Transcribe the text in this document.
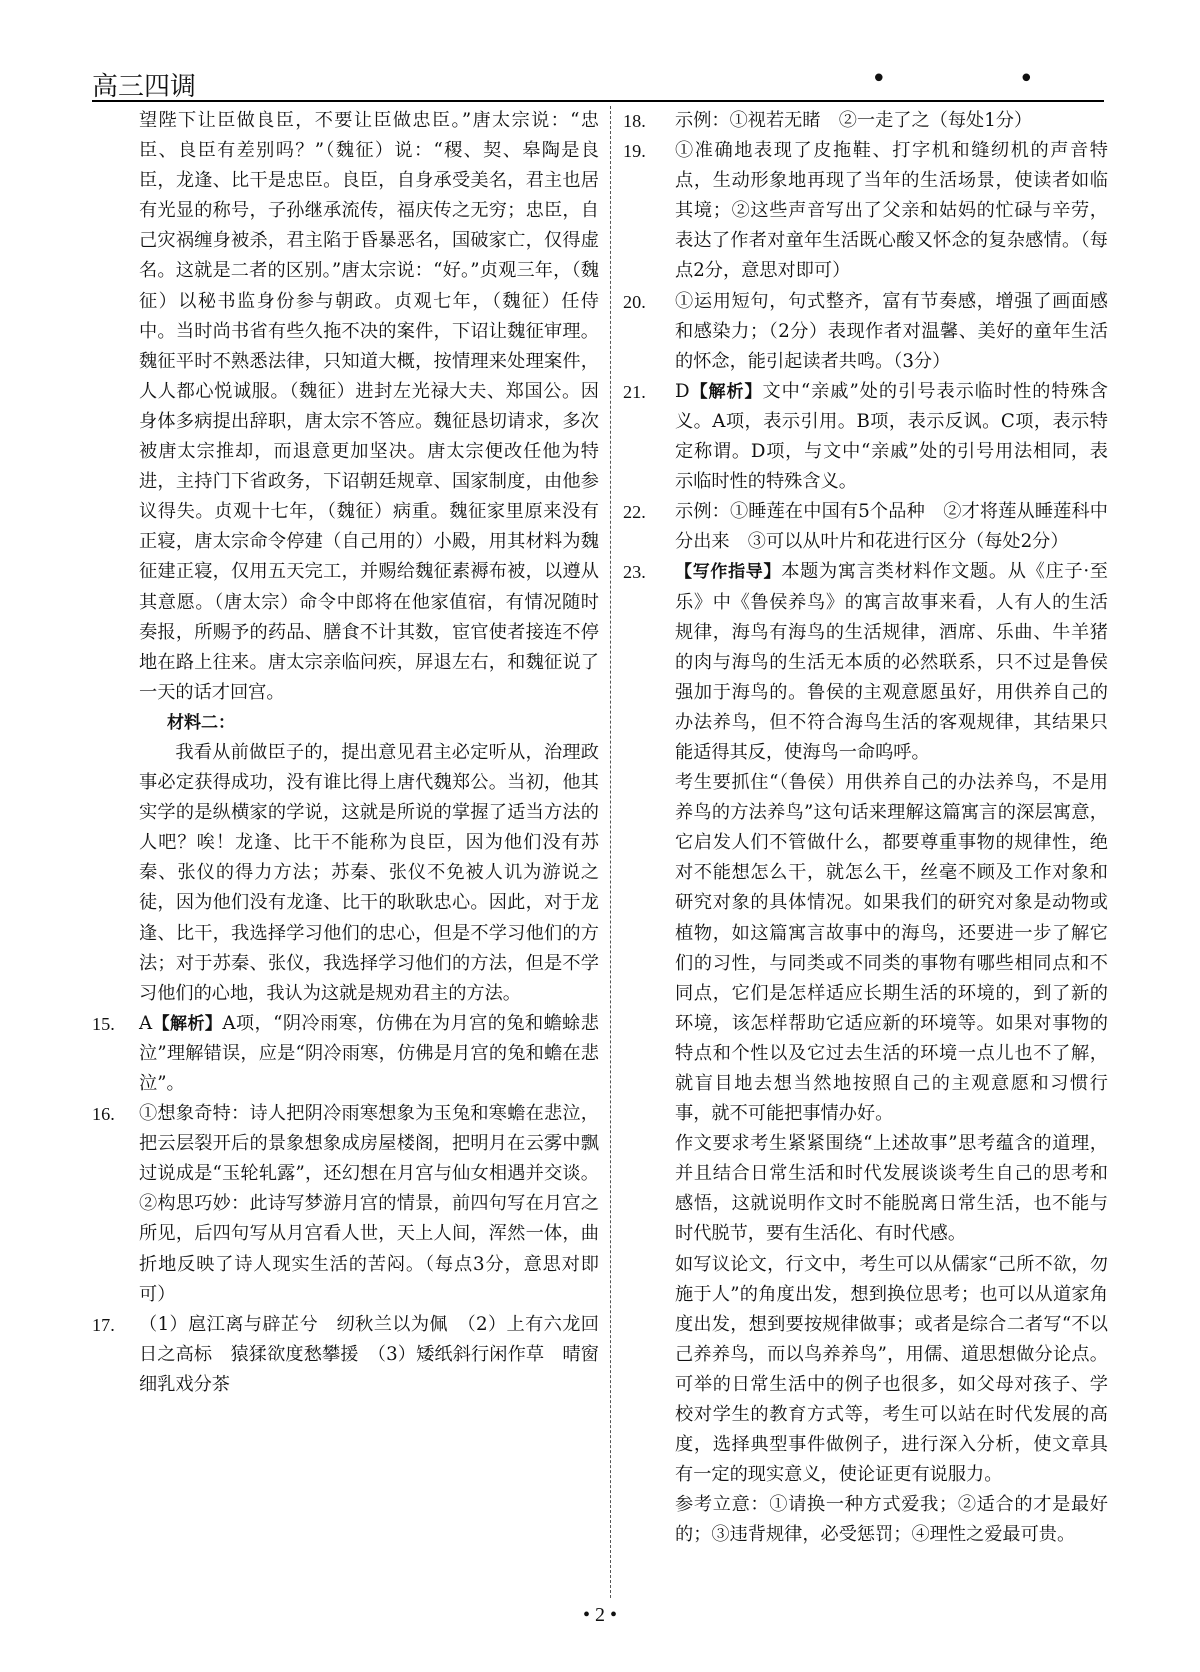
高三四调	• •

望陛下让臣做良臣，不要让臣做忠臣。”唐太宗说：“忠臣、良臣有差别吗？”（魏征）说：“稷、契、皋陶是良臣，龙逢、比干是忠臣。良臣，自身承受美名，君主也居有光显的称号，子孙继承流传，福庆传之无穷；忠臣，自己灾祸缠身被杀，君主陷于昏暴恶名，国破家亡，仅得虚名。这就是二者的区别。”唐太宗说：“好。”贞观三年，（魏征）以秘书监身份参与朝政。贞观七年，（魏征）任侍中。当时尚书省有些久拖不决的案件，下诏让魏征审理。魏征平时不熟悉法律，只知道大概，按情理来处理案件，人人都心悦诚服。（魏征）进封左光禄大夫、郑国公。因身体多病提出辞职，唐太宗不答应。魏征恳切请求，多次被唐太宗推却，而退意更加坚决。唐太宗便改任他为特进，主持门下省政务，下诏朝廷规章、国家制度，由他参议得失。贞观十七年，（魏征）病重。魏征家里原来没有正寝，唐太宗命令停建（自己用的）小殿，用其材料为魏征建正寝，仅用五天完工，并赐给魏征素褥布被，以遵从其意愿。（唐太宗）命令中郎将在他家值宿，有情况随时奏报，所赐予的药品、膳食不计其数，宦官使者接连不停地在路上往来。唐太宗亲临问疾，屏退左右，和魏征说了一天的话才回宫。

材料二：

我看从前做臣子的，提出意见君主必定听从，治理政事必定获得成功，没有谁比得上唐代魏郑公。当初，他其实学的是纵横家的学说，这就是所说的掌握了适当方法的人吧？唉！龙逢、比干不能称为良臣，因为他们没有苏秦、张仪的得力方法；苏秦、张仪不免被人讥为游说之徒，因为他们没有龙逢、比干的耿耿忠心。因此，对于龙逢、比干，我选择学习他们的忠心，但是不学习他们的方法；对于苏秦、张仪，我选择学习他们的方法，但是不学习他们的心地，我认为这就是规劝君主的方法。

15.	A【解析】A项，“阴冷雨寒，仿佛在为月宫的兔和蟾蜍悲泣”理解错误，应是“阴冷雨寒，仿佛是月宫的兔和蟾在悲泣”。

16.	①想象奇特：诗人把阴冷雨寒想象为玉兔和寒蟾在悲泣，把云层裂开后的景象想象成房屋楼阁，把明月在云雾中飘过说成是“玉轮轧露”，还幻想在月宫与仙女相遇并交谈。②构思巧妙：此诗写梦游月宫的情景，前四句写在月宫之所见，后四句写从月宫看人世，天上人间，浑然一体，曲折地反映了诗人现实生活的苦闷。（每点3分，意思对即可）

17.	（1）扈江离与辟芷兮　纫秋兰以为佩　（2）上有六龙回日之高标　猿猱欲度愁攀援　（3）矮纸斜行闲作草　晴窗细乳戏分茶

18.	示例：①视若无睹　②一走了之（每处1分）

19.	①准确地表现了皮拖鞋、打字机和缝纫机的声音特点，生动形象地再现了当年的生活场景，使读者如临其境；②这些声音写出了父亲和姑妈的忙碌与辛劳，表达了作者对童年生活既心酸又怀念的复杂感情。（每点2分，意思对即可）

20.	①运用短句，句式整齐，富有节奏感，增强了画面感和感染力；（2分）表现作者对温馨、美好的童年生活的怀念，能引起读者共鸣。（3分）

21.	D【解析】文中“亲戚”处的引号表示临时性的特殊含义。A项，表示引用。B项，表示反讽。C项，表示特定称谓。D项，与文中“亲戚”处的引号用法相同，表示临时性的特殊含义。

22.	示例：①睡莲在中国有5个品种　②才将莲从睡莲科中分出来　③可以从叶片和花进行区分（每处2分）

23.	【写作指导】本题为寓言类材料作文题。从《庄子·至乐》中《鲁侯养鸟》的寓言故事来看，人有人的生活规律，海鸟有海鸟的生活规律，酒席、乐曲、牛羊猪的肉与海鸟的生活无本质的必然联系，只不过是鲁侯强加于海鸟的。鲁侯的主观意愿虽好，用供养自己的办法养鸟，但不符合海鸟生活的客观规律，其结果只能适得其反，使海鸟一命呜呼。

考生要抓住“（鲁侯）用供养自己的办法养鸟，不是用养鸟的方法养鸟”这句话来理解这篇寓言的深层寓意，它启发人们不管做什么，都要尊重事物的规律性，绝对不能想怎么干，就怎么干，丝毫不顾及工作对象和研究对象的具体情况。如果我们的研究对象是动物或植物，如这篇寓言故事中的海鸟，还要进一步了解它们的习性，与同类或不同类的事物有哪些相同点和不同点，它们是怎样适应长期生活的环境的，到了新的环境，该怎样帮助它适应新的环境等。如果对事物的特点和个性以及它过去生活的环境一点儿也不了解，就盲目地去想当然地按照自己的主观意愿和习惯行事，就不可能把事情办好。

作文要求考生紧紧围绕“上述故事”思考蕴含的道理，并且结合日常生活和时代发展谈谈考生自己的思考和感悟，这就说明作文时不能脱离日常生活，也不能与时代脱节，要有生活化、有时代感。

如写议论文，行文中，考生可以从儒家“己所不欲，勿施于人”的角度出发，想到换位思考；也可以从道家角度出发，想到要按规律做事；或者是综合二者写“不以己养养鸟，而以鸟养养鸟”，用儒、道思想做分论点。可举的日常生活中的例子也很多，如父母对孩子、学校对学生的教育方式等，考生可以站在时代发展的高度，选择典型事件做例子，进行深入分析，使文章具有一定的现实意义，使论证更有说服力。

参考立意：①请换一种方式爱我；②适合的才是最好的；③违背规律，必受惩罚；④理性之爱最可贵。

• 2 •
